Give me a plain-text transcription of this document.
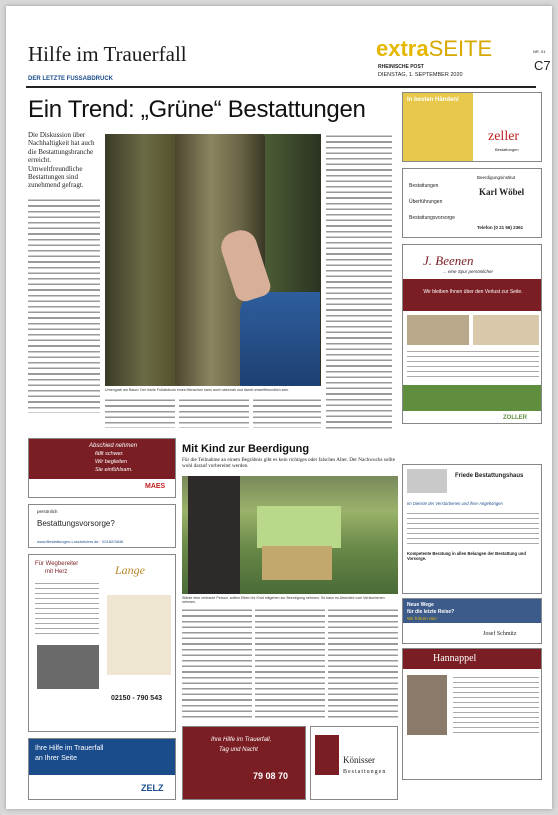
Hilfe im Trauerfall
DER LETZTE FUSSABDRUCK
extraSEITE
RHEINISCHE POST
DIENSTAG, 1. SEPTEMBER 2020
NR. 01
C7
Ein Trend: „Grüne“ Bestattungen
Die Diskussion über Nachhaltigkeit hat auch die Bestattungsbranche erreicht. Umweltfreundliche Bestattungen sind zunehmend gefragt.
Urnengrab am Baum: Der letzte Fußabdruck eines Menschen kann auch naturnah und damit umweltfreundlich sein.
Mit Kind zur Beerdigung
Für die Teilnahme an einem Begräbnis gibt es kein richtiges oder falsches Alter. Der Nachwuchs sollte wohl darauf vorbereitet werden.
Stärke eine vertraute Person, sollten Eltern ihr Kind mitgehen zur Beerdigung nehmen. So kann es Abschied vom Verstorbenen nehmen.
In besten Händen!
zeller
Bestattungen
Bestattungen
Überführungen
Bestattungsvorsorge
Beerdigungsinstitut
Karl Wöbel
Telefon (0 21 56) 2361
J. Beenen
... eine Spur persönlicher
Wir bleiben Ihnen über den Verlust zur Seite.
ZOLLER
Friede Bestattungshaus
Im Dienste der Verstorbenen und ihrer Angehörigen
Kompetente Beratung in allen Belangen der Bestattung und Vorsorge.
Neue Wege
für die letzte Reise?
Wir führen Sie!
Josef Schmitz
Hannappel
Abschied nehmen
fällt schwer.
Wir begleiten
Sie einfühlsam.
MAES
persönlich
Bestattungsvorsorge?
www.Bestattungen-Loschelders.de · 02162/3846
Für Wegbereiter
mit Herz	Lange
02150 - 790 543
Ihre Hilfe im Trauerfall
an Ihrer Seite
ZELZ
Ihre Hilfe im Trauerfall,
Tag und Nacht
79 08 70
Könisser
Bestattungen
